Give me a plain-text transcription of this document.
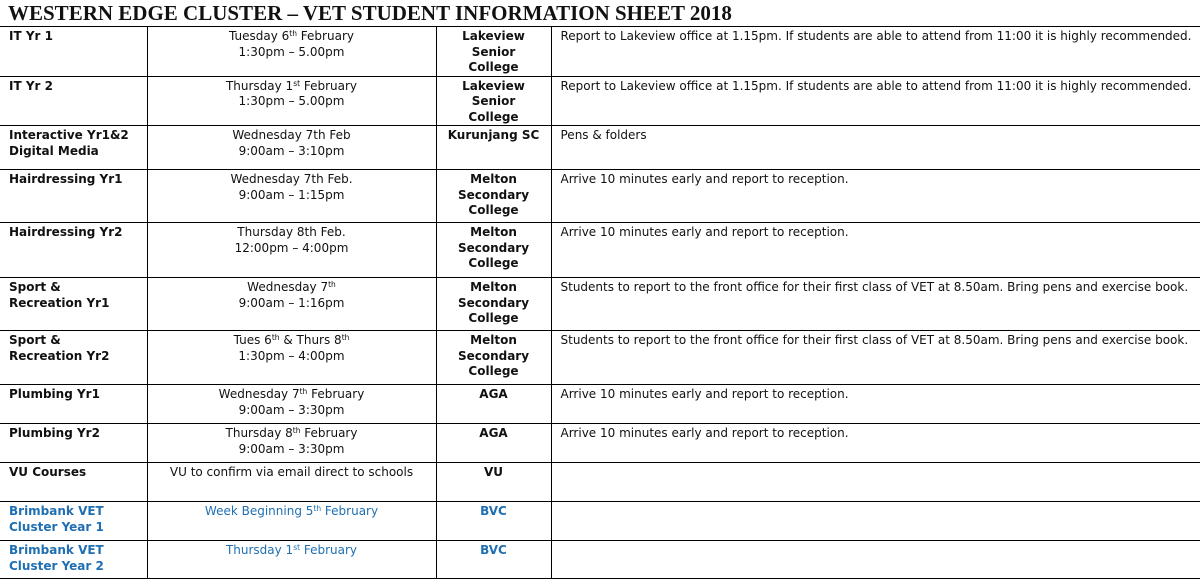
WESTERN EDGE CLUSTER – VET STUDENT INFORMATION SHEET 2018
IT Yr 1	Tuesday 6th February
1:30pm – 5.00pm	Lakeview
Senior
College	Report to Lakeview office at 1.15pm. If students are able to attend from 11:00 it is highly recommended.

IT Yr 2	Thursday 1st February
1:30pm – 5.00pm	Lakeview
Senior
College	Report to Lakeview office at 1.15pm. If students are able to attend from 11:00 it is highly recommended.

Interactive Yr1&2
Digital Media	Wednesday 7th Feb
9:00am – 3:10pm	Kurunjang SC	Pens & folders

Hairdressing Yr1	Wednesday 7th Feb.
9:00am – 1:15pm	Melton
Secondary
College	Arrive 10 minutes early and report to reception.

Hairdressing Yr2	Thursday 8th Feb.
12:00pm – 4:00pm	Melton
Secondary
College	Arrive 10 minutes early and report to reception.

Sport &
Recreation Yr1	Wednesday 7th
9:00am – 1:16pm	Melton
Secondary
College	Students to report to the front office for their first class of VET at 8.50am. Bring pens and exercise book.

Sport &
Recreation Yr2	Tues 6th & Thurs 8th
1:30pm – 4:00pm	Melton
Secondary
College	Students to report to the front office for their first class of VET at 8.50am. Bring pens and exercise book.

Plumbing Yr1	Wednesday 7th February
9:00am – 3:30pm	AGA	Arrive 10 minutes early and report to reception.

Plumbing Yr2	Thursday 8th February
9:00am – 3:30pm	AGA	Arrive 10 minutes early and report to reception.

VU Courses	VU to confirm via email direct to schools	VU	

Brimbank VET
Cluster Year 1	Week Beginning 5th February	BVC	

Brimbank VET
Cluster Year 2	Thursday 1st February	BVC	
